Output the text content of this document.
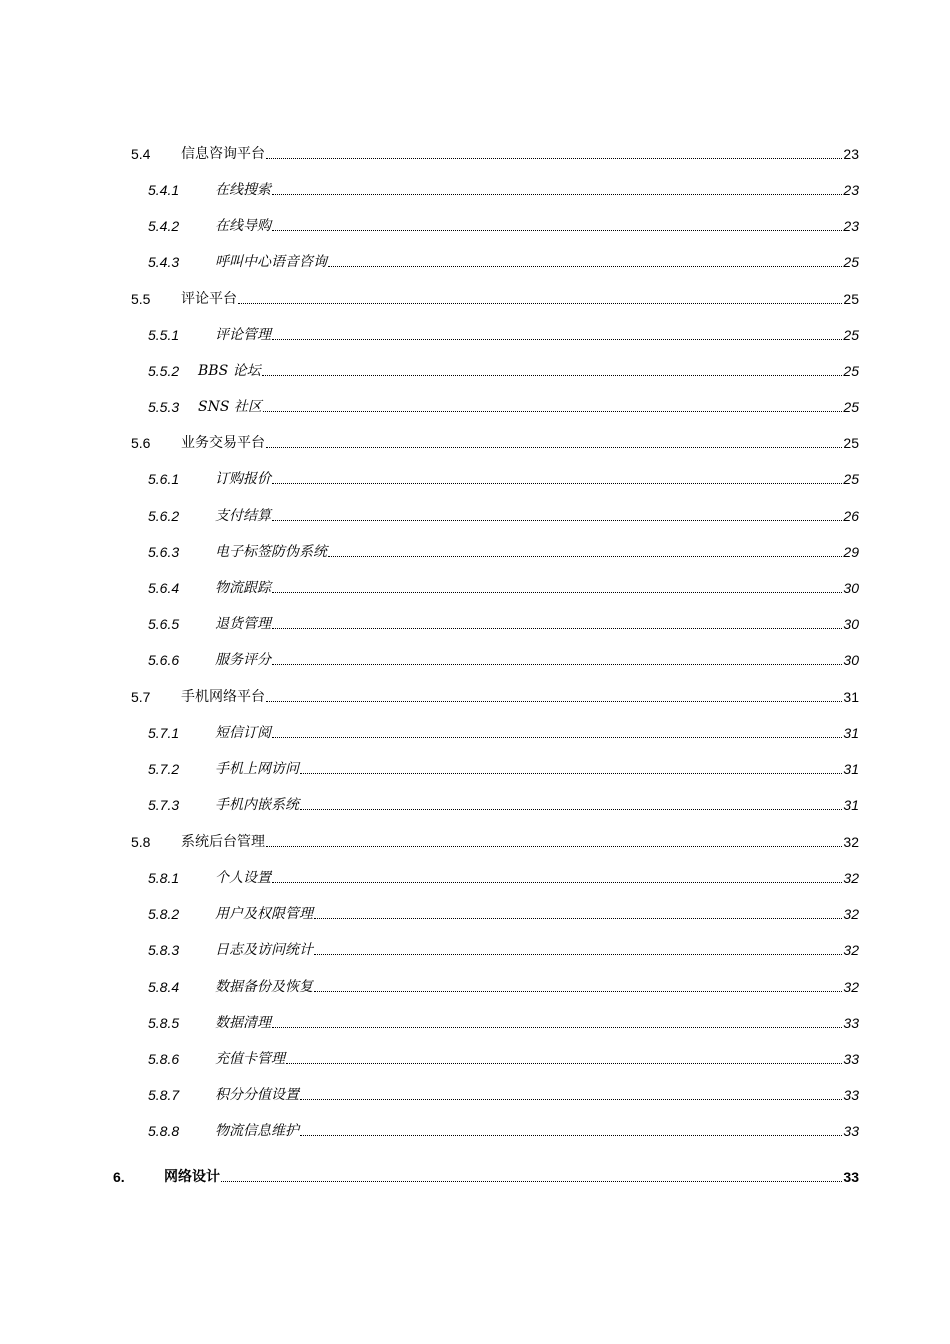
5.4	信息咨询平台	23
5.4.1	在线搜索	23
5.4.2	在线导购	23
5.4.3	呼叫中心语音咨询	25
5.5	评论平台	25
5.5.1	评论管理	25
5.5.2	BBS 论坛	25
5.5.3	SNS 社区	25
5.6	业务交易平台	25
5.6.1	订购报价	25
5.6.2	支付结算	26
5.6.3	电子标签防伪系统	29
5.6.4	物流跟踪	30
5.6.5	退货管理	30
5.6.6	服务评分	30
5.7	手机网络平台	31
5.7.1	短信订阅	31
5.7.2	手机上网访问	31
5.7.3	手机内嵌系统	31
5.8	系统后台管理	32
5.8.1	个人设置	32
5.8.2	用户及权限管理	32
5.8.3	日志及访问统计	32
5.8.4	数据备份及恢复	32
5.8.5	数据清理	33
5.8.6	充值卡管理	33
5.8.7	积分分值设置	33
5.8.8	物流信息维护	33
6.	网络设计	33
